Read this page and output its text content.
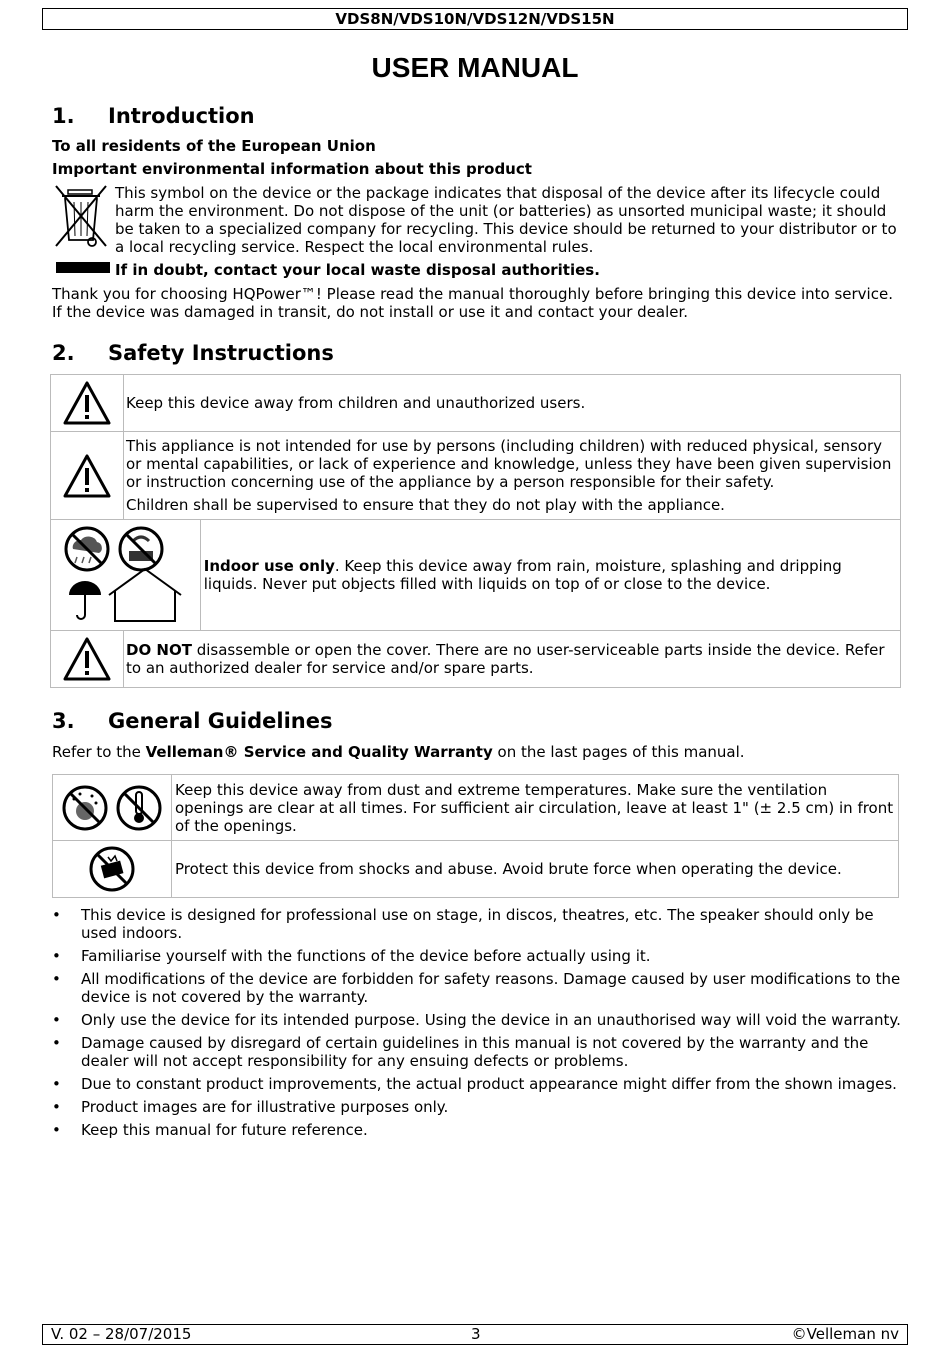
VDS8N/VDS10N/VDS12N/VDS15N
USER MANUAL
1. Introduction
To all residents of the European Union
Important environmental information about this product
This symbol on the device or the package indicates that disposal of the device after its lifecycle could
harm the environment. Do not dispose of the unit (or batteries) as unsorted municipal waste; it should
be taken to a specialized company for recycling. This device should be returned to your distributor or to
a local recycling service. Respect the local environmental rules.
If in doubt, contact your local waste disposal authorities.
Thank you for choosing HQPower™! Please read the manual thoroughly before bringing this device into service.
If the device was damaged in transit, do not install or use it and contact your dealer.
2. Safety Instructions
	Keep this device away from children and unauthorized users.	

This appliance is not intended for use by persons (including children) with reduced physical, sensory or mental capabilities, or lack of experience and knowledge, unless they have been given supervision or instruction concerning use of the appliance by a person responsible for their safety.
Children shall be supervised to ensure that they do not play with the appliance.	

	Indoor use only. Keep this device away from rain, moisture, splashing and dripping liquids. Never put objects filled with liquids on top of or close to the device.

	DO NOT disassemble or open the cover. There are no user-serviceable parts inside the device. Refer to an authorized dealer for service and/or spare parts.	
3. General Guidelines
Refer to the Velleman® Service and Quality Warranty on the last pages of this manual.
	Keep this device away from dust and extreme temperatures. Make sure the ventilation openings are clear at all times. For sufficient air circulation, leave at least 1" (± 2.5 cm) in front of the openings.

	Protect this device from shocks and abuse. Avoid brute force when operating the device.
• This device is designed for professional use on stage, in discos, theatres, etc. The speaker should only be used indoors.
• Familiarise yourself with the functions of the device before actually using it.
• All modifications of the device are forbidden for safety reasons. Damage caused by user modifications to the device is not covered by the warranty.
• Only use the device for its intended purpose. Using the device in an unauthorised way will void the warranty.
• Damage caused by disregard of certain guidelines in this manual is not covered by the warranty and the dealer will not accept responsibility for any ensuing defects or problems.
• Due to constant product improvements, the actual product appearance might differ from the shown images.
• Product images are for illustrative purposes only.
• Keep this manual for future reference.
V. 02 – 28/07/2015	3	©Velleman nv
